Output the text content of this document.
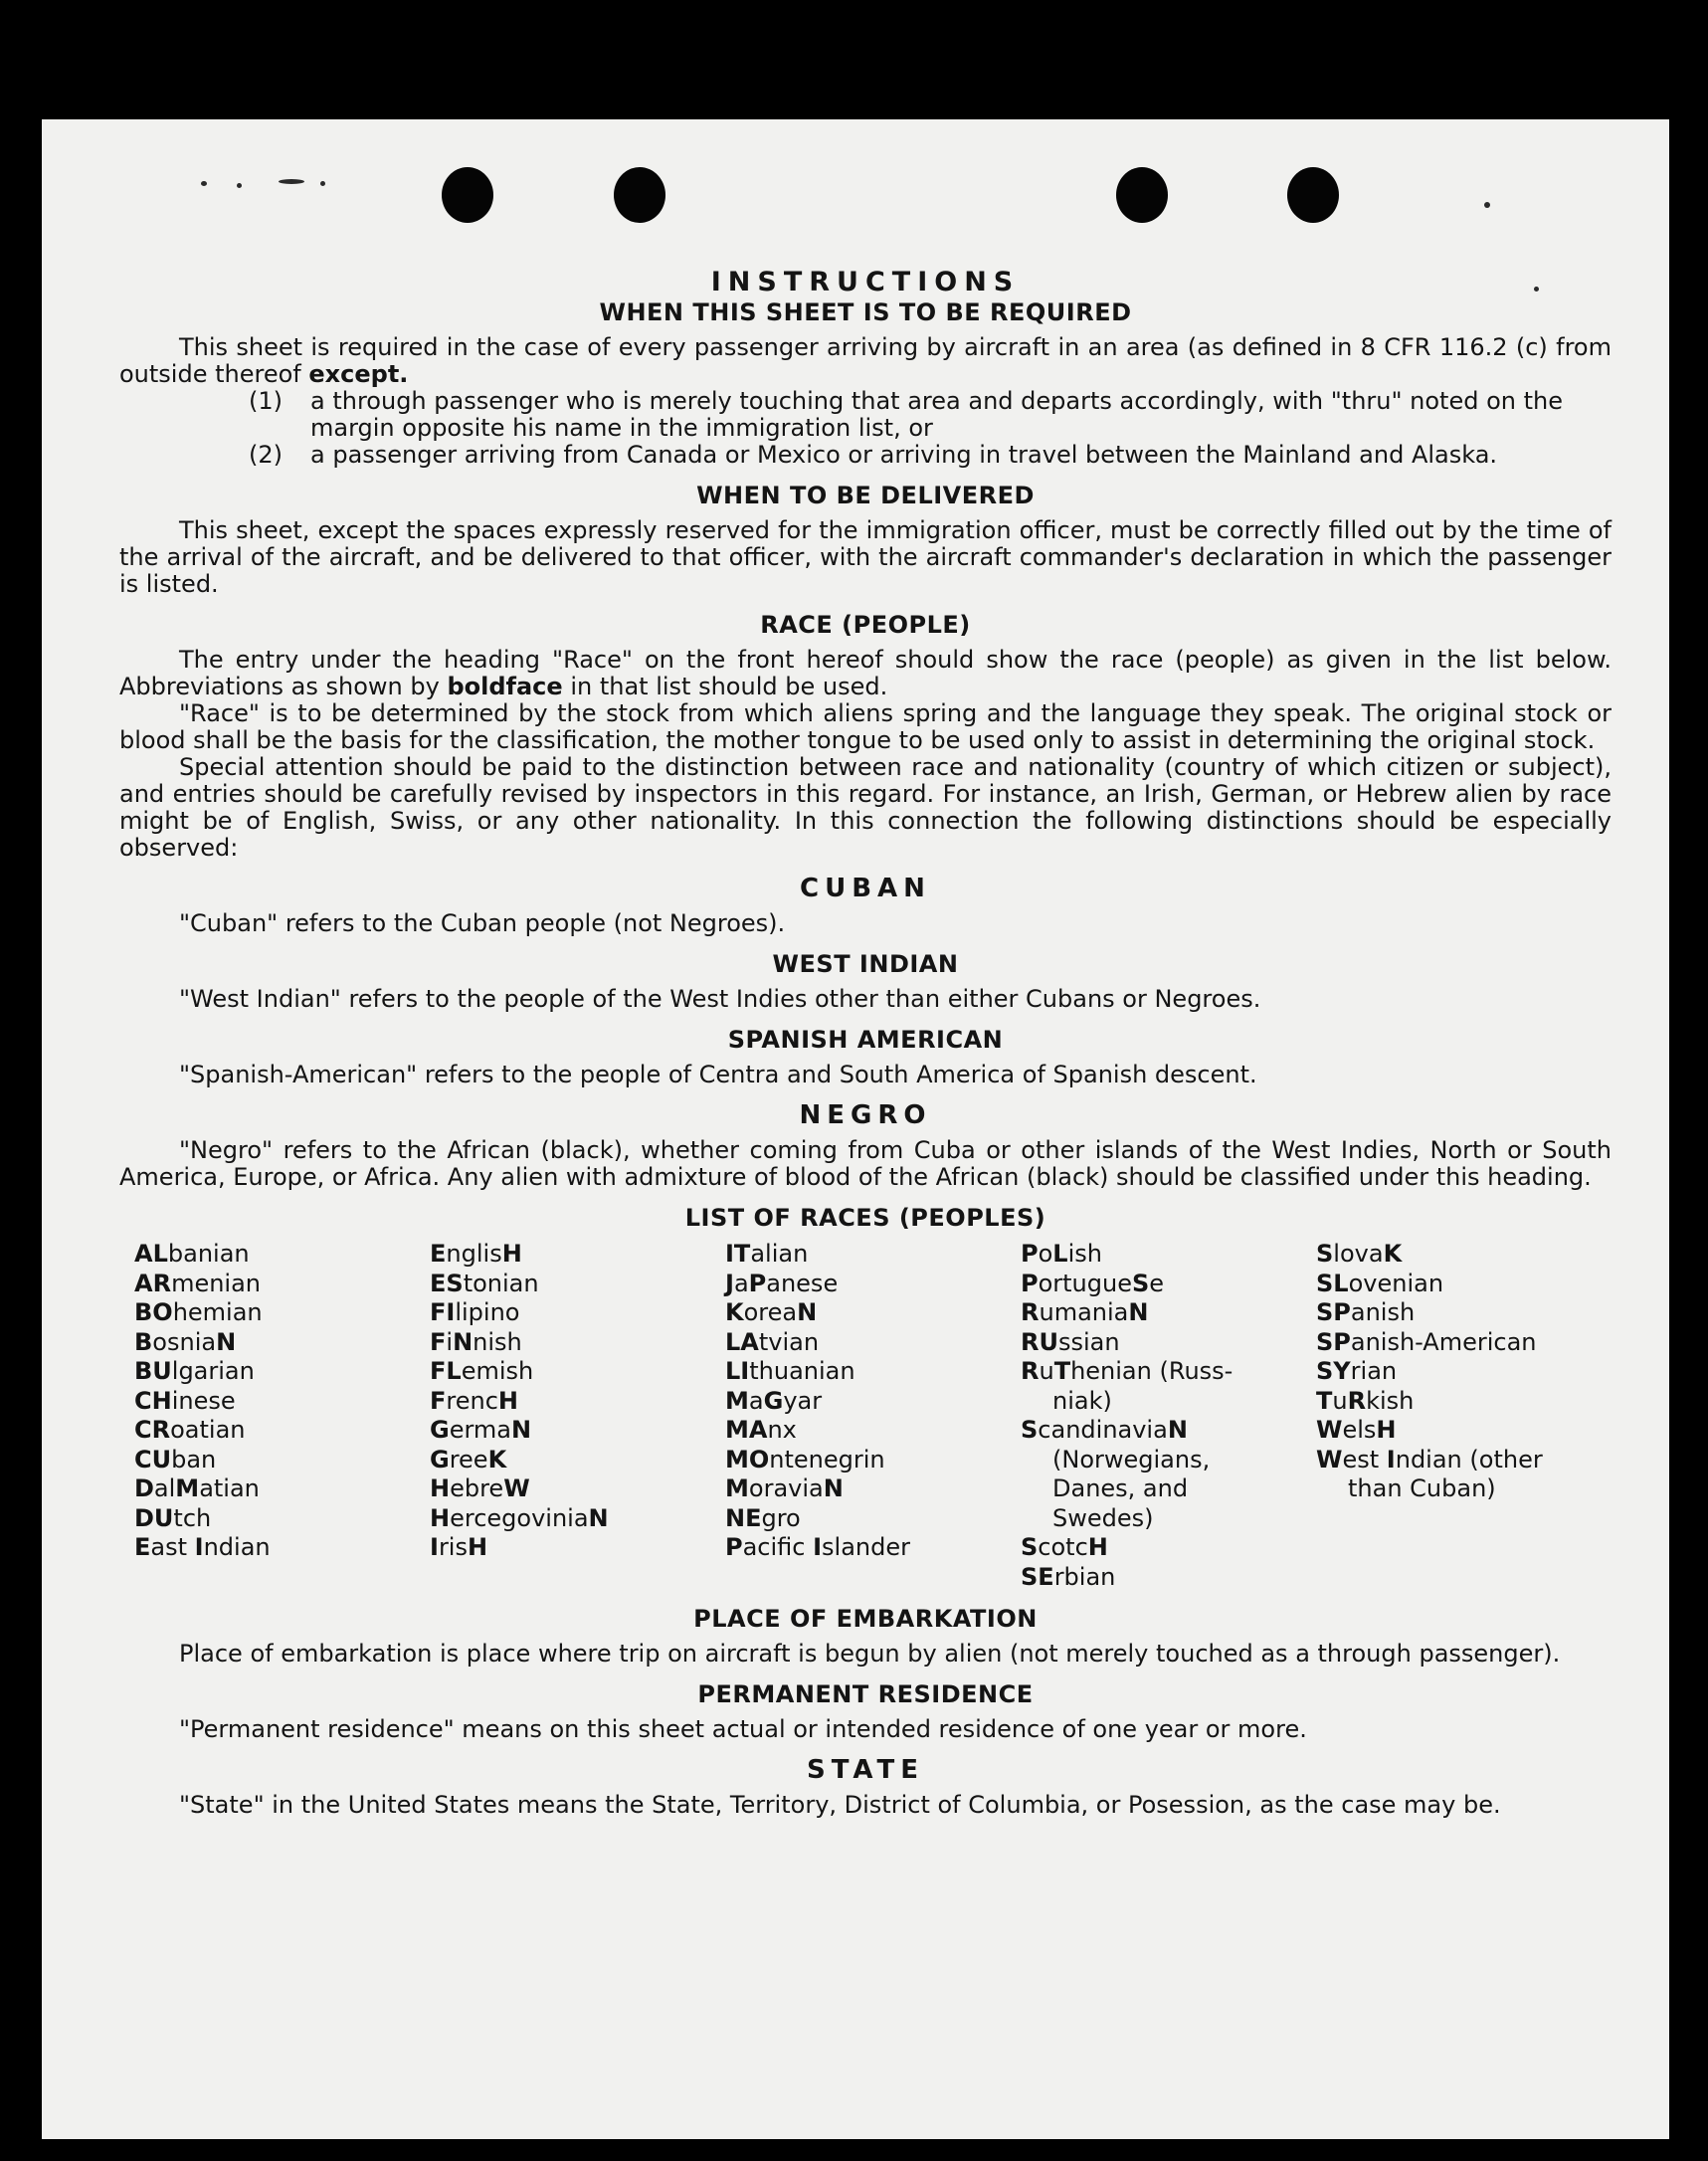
INSTRUCTIONS
WHEN THIS SHEET IS TO BE REQUIRED

This sheet is required in the case of every passenger arriving by aircraft in an area (as defined in 8 CFR 116.2 (c) from outside thereof except.

(1)	a through passenger who is merely touching that area and departs accordingly, with "thru" noted on the margin opposite his name in the immigration list, or
(2)	a passenger arriving from Canada or Mexico or arriving in travel between the Mainland and Alaska.
WHEN TO BE DELIVERED

This sheet, except the spaces expressly reserved for the immigration officer, must be correctly filled out by the time of the arrival of the aircraft, and be delivered to that officer, with the aircraft commander's declaration in which the passenger is listed.

RACE (PEOPLE)

The entry under the heading "Race" on the front hereof should show the race (people) as given in the list below. Abbreviations as shown by boldface in that list should be used.

"Race" is to be determined by the stock from which aliens spring and the language they speak. The original stock or blood shall be the basis for the classification, the mother tongue to be used only to assist in determining the original stock.

Special attention should be paid to the distinction between race and nationality (country of which citizen or subject), and entries should be carefully revised by inspectors in this regard. For instance, an Irish, German, or Hebrew alien by race might be of English, Swiss, or any other nationality. In this connection the following distinctions should be especially observed:

CUBAN

"Cuban" refers to the Cuban people (not Negroes).

WEST INDIAN

"West Indian" refers to the people of the West Indies other than either Cubans or Negroes.

SPANISH AMERICAN

"Spanish-American" refers to the people of Centra and South America of Spanish descent.

NEGRO

"Negro" refers to the African (black), whether coming from Cuba or other islands of the West Indies, North or South America, Europe, or Africa. Any alien with admixture of blood of the African (black) should be classified under this heading.

LIST OF RACES (PEOPLES)
ALbanian
ARmenian
BOhemian
BosniaN
BUlgarian
CHinese
CRoatian
CUban
DalMatian
DUtch
East Indian
EnglisH
EStonian
FIlipino
FiNnish
FLemish
FrencH
GermaN
GreeK
HebreW
HercegoviniaN
IrisH
ITalian
JaPanese
KoreaN
LAtvian
LIthuanian
MaGyar
MAnx
MOntenegrin
MoraviaN
NEgro
Pacific Islander
PoLish
PortugueSe
RumaniaN
RUssian
RuThenian (Russ-
niak)
ScandinaviaN
(Norwegians,
Danes, and
Swedes)
ScotcH
SErbian
SlovaK
SLovenian
SPanish
SPanish-American
SYrian
TuRkish
WelsH
West Indian (other
than Cuban)
PLACE OF EMBARKATION

Place of embarkation is place where trip on aircraft is begun by alien (not merely touched as a through passenger).

PERMANENT RESIDENCE

"Permanent residence" means on this sheet actual or intended residence of one year or more.

STATE

"State" in the United States means the State, Territory, District of Columbia, or Posession, as the case may be.
